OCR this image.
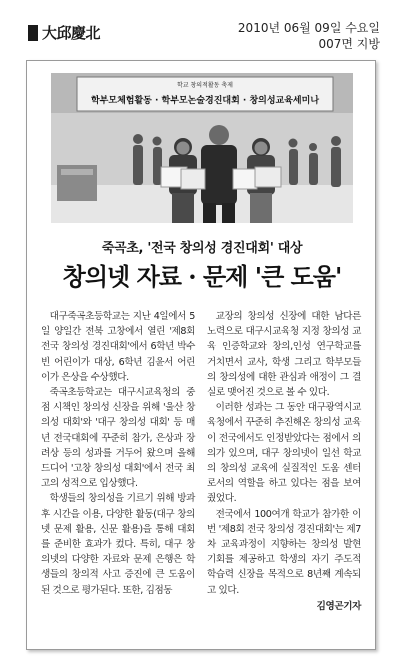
大邱慶北	2010년 06월 09일 수요일
007면 지방
학교 창의적활동 축제
학부모체험활동 · 학부모논술경진대회 · 창의성교육세미나
죽곡초, '전국 창의성 경진대회' 대상
창의넷 자료 · 문제 '큰 도움'

대구죽곡초등학교는 지난 4일에서 5일 양일간 전북 고창에서 열린 '제8회 전국 창의성 경진대회'에서 6학년 박수빈 어린이가 대상, 6학년 김윤서 어린이가 은상을 수상했다.

죽곡초등학교는 대구시교육청의 중점 시책인 창의성 신장을 위해 '울산 창의성 대회'와 '대구 창의성 대회' 등 매년 전국대회에 꾸준히 참가, 은상과 장려상 등의 성과를 거두어 왔으며 올해 드디어 '고창 창의성 대회'에서 전국 최고의 성적으로 입상했다.

학생들의 창의성을 기르기 위해 방과 후 시간을 이용, 다양한 활동(대구 창의넷 문제 활용, 신문 활용)을 통해 대회를 준비한 효과가 컸다. 특히, 대구 창의넷의 다양한 자료와 문제 은행은 학생들의 창의적 사고 증진에 큰 도움이 된 것으로 평가된다. 또한, 김점동

교장의 창의성 신장에 대한 남다른 노력으로 대구시교육청 지정 창의성 교육 인증학교와 창의,인성 연구학교를 거치면서 교사, 학생 그리고 학부모들의 창의성에 대한 관심과 애정이 그 결실로 맺어진 것으로 볼 수 있다.

이러한 성과는 그 동안 대구광역시교육청에서 꾸준히 추진해온 창의성 교육이 전국에서도 인정받았다는 점에서 의의가 있으며, 대구 창의넷이 일선 학교의 창의성 교육에 실질적인 도움 센터로서의 역할을 하고 있다는 점을 보여줬었다.

전국에서 100여개 학교가 참가한 이번 '제8회 전국 창의성 경진대회'는 제7차 교육과정이 지향하는 창의성 발현 기회를 제공하고 학생의 자기 주도적 학습력 신장을 목적으로 8년째 계속되고 있다.

김영곤기자
